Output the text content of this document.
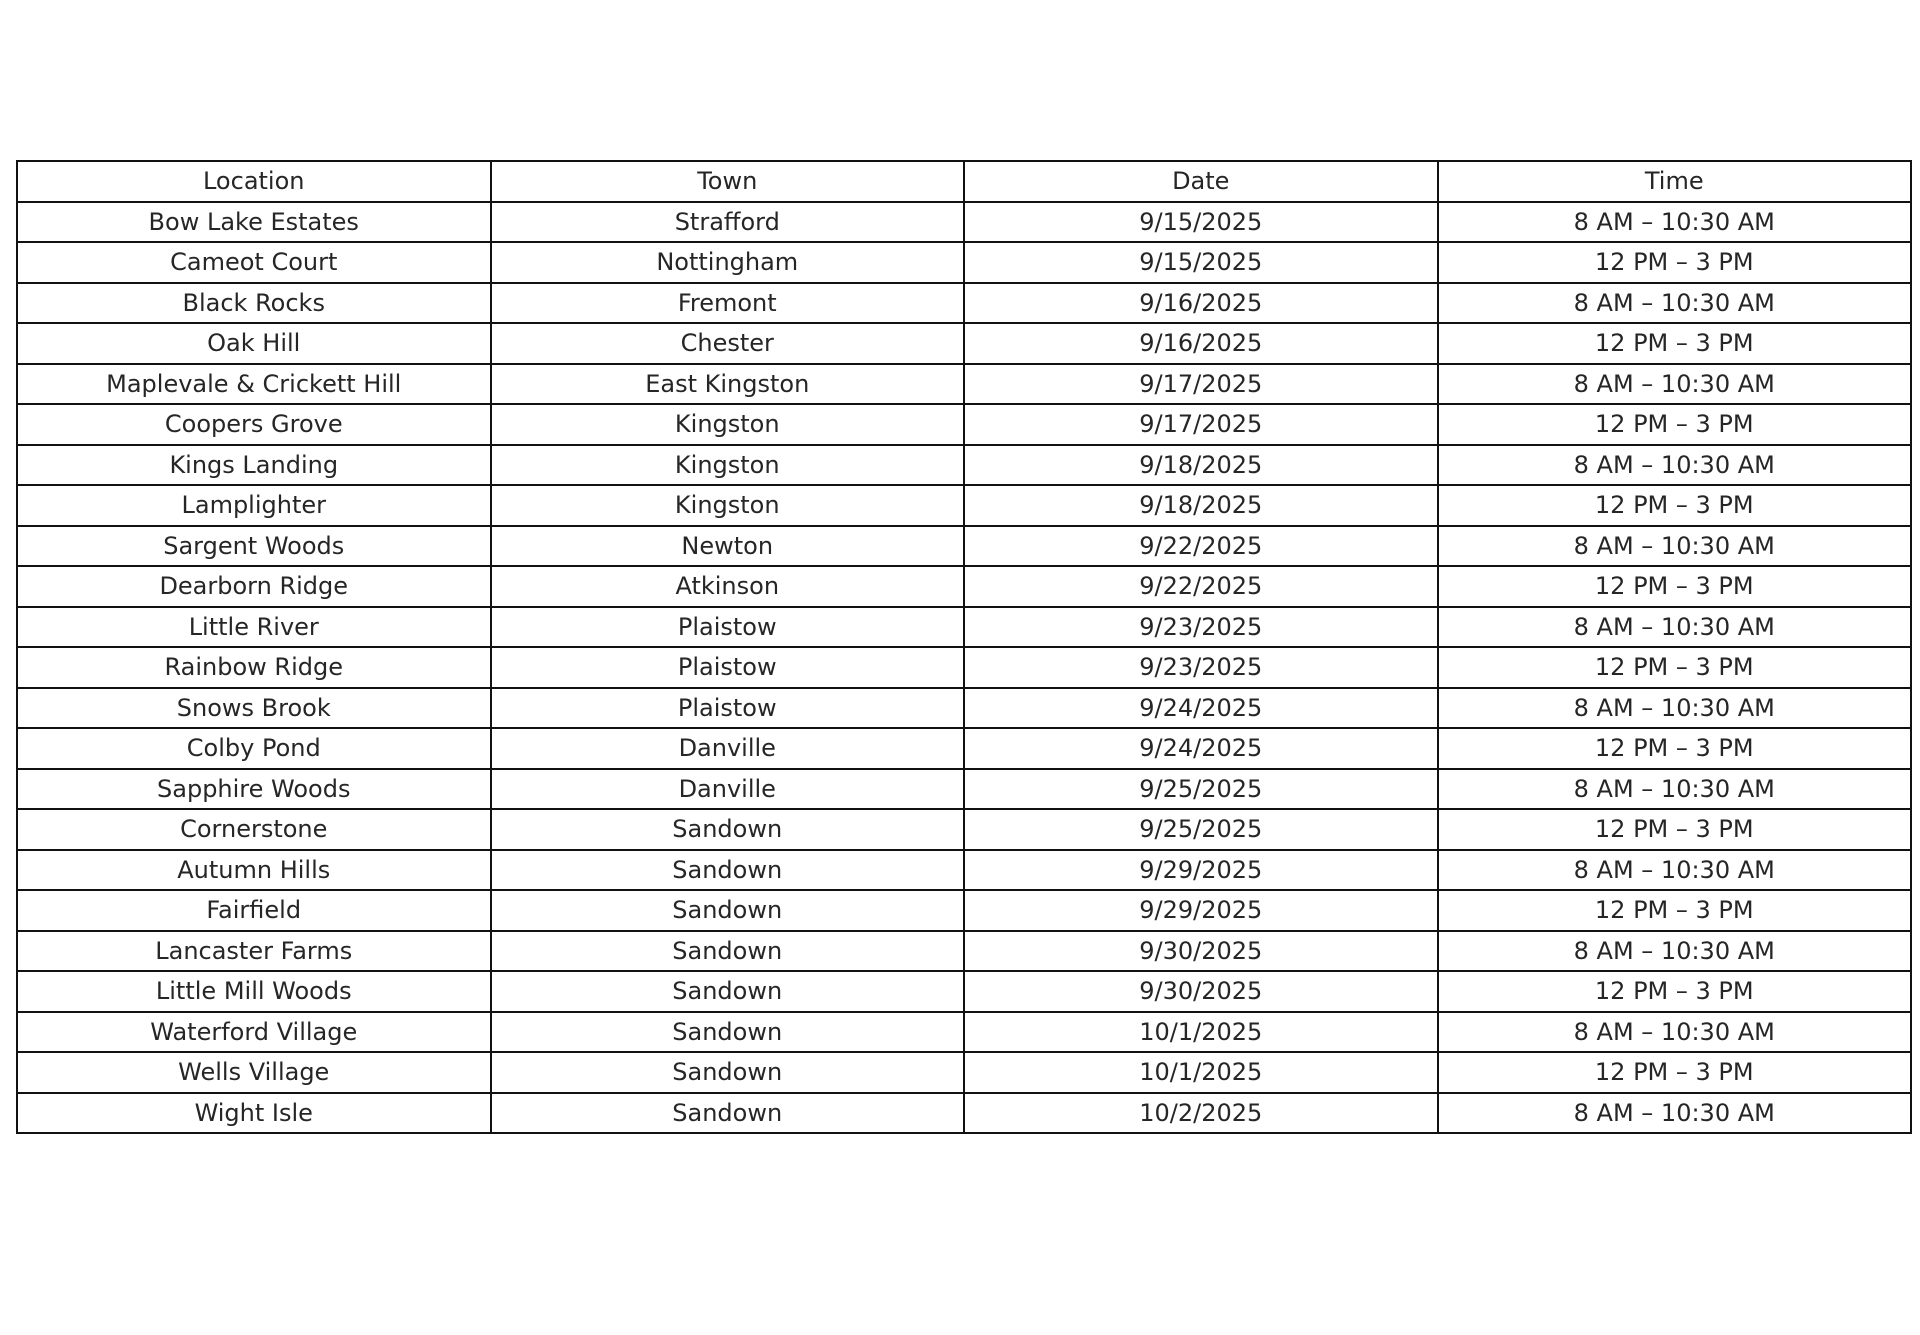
Location	Town	Date	Time
Bow Lake Estates	Strafford	9/15/2025	8 AM – 10:30 AM
Cameot Court	Nottingham	9/15/2025	12 PM – 3 PM
Black Rocks	Fremont	9/16/2025	8 AM – 10:30 AM
Oak Hill	Chester	9/16/2025	12 PM – 3 PM
Maplevale & Crickett Hill	East Kingston	9/17/2025	8 AM – 10:30 AM
Coopers Grove	Kingston	9/17/2025	12 PM – 3 PM
Kings Landing	Kingston	9/18/2025	8 AM – 10:30 AM
Lamplighter	Kingston	9/18/2025	12 PM – 3 PM
Sargent Woods	Newton	9/22/2025	8 AM – 10:30 AM
Dearborn Ridge	Atkinson	9/22/2025	12 PM – 3 PM
Little River	Plaistow	9/23/2025	8 AM – 10:30 AM
Rainbow Ridge	Plaistow	9/23/2025	12 PM – 3 PM
Snows Brook	Plaistow	9/24/2025	8 AM – 10:30 AM
Colby Pond	Danville	9/24/2025	12 PM – 3 PM
Sapphire Woods	Danville	9/25/2025	8 AM – 10:30 AM
Cornerstone	Sandown	9/25/2025	12 PM – 3 PM
Autumn Hills	Sandown	9/29/2025	8 AM – 10:30 AM
Fairfield	Sandown	9/29/2025	12 PM – 3 PM
Lancaster Farms	Sandown	9/30/2025	8 AM – 10:30 AM
Little Mill Woods	Sandown	9/30/2025	12 PM – 3 PM
Waterford Village	Sandown	10/1/2025	8 AM – 10:30 AM
Wells Village	Sandown	10/1/2025	12 PM – 3 PM
Wight Isle	Sandown	10/2/2025	8 AM – 10:30 AM
